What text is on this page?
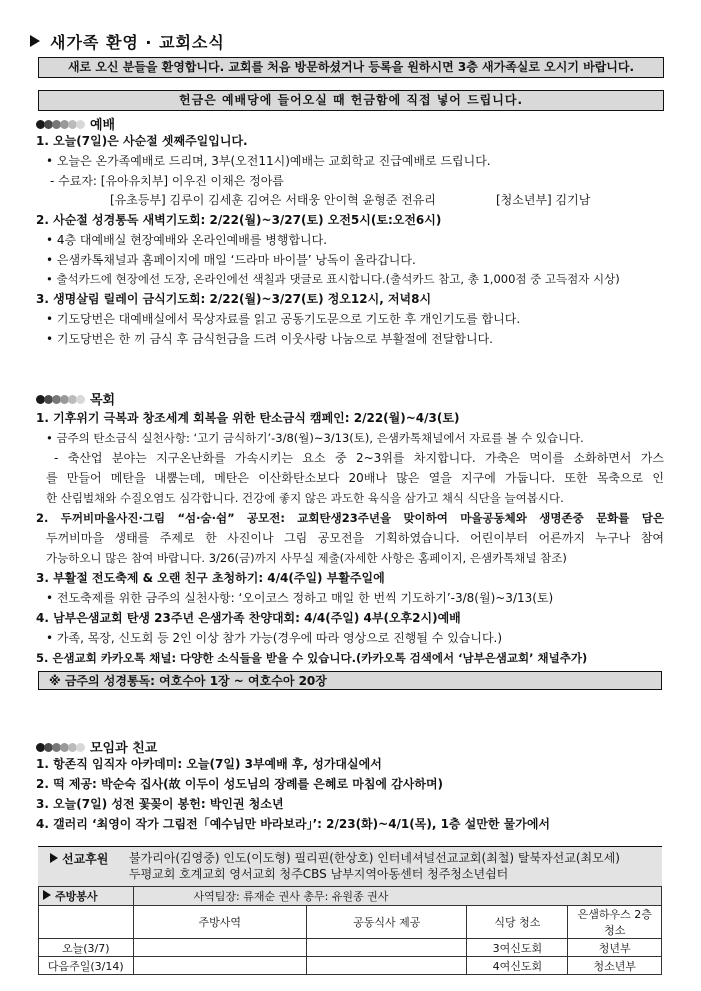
새가족 환영 · 교회소식
새로 오신 분들을 환영합니다. 교회를 처음 방문하셨거나 등록을 원하시면 3층 새가족실로 오시기 바랍니다.
헌금은 예배당에 들어오실 때 헌금함에 직접 넣어 드립니다.
예배
1. 오늘(7일)은 사순절 셋째주일입니다.
• 오늘은 온가족예배로 드리며, 3부(오전11시)예배는 교회학교 진급예배로 드립니다.
- 수료자: [유아유치부] 이우진 이채은 정아름
[유초등부] 김루이 김세훈 김여은 서태웅 안이혁 윤형준 전유리	[청소년부] 김기남
2. 사순절 성경통독 새벽기도회: 2/22(월)~3/27(토) 오전5시(토:오전6시)
• 4층 대예배실 현장예배와 온라인예배를 병행합니다.
• 은샘카톡채널과 홈페이지에 매일 ‘드라마 바이블’ 낭독이 올라갑니다.
• 출석카드에 현장에선 도장, 온라인에선 색칠과 댓글로 표시합니다.(출석카드 참고, 총 1,000점 중 고득점자 시상)
3. 생명살림 릴레이 금식기도회: 2/22(월)~3/27(토) 정오12시, 저녁8시
• 기도당번은 대예배실에서 묵상자료를 읽고 공동기도문으로 기도한 후 개인기도를 합니다.
• 기도당번은 한 끼 금식 후 금식헌금을 드려 이웃사랑 나눔으로 부활절에 전달합니다.
목회
1. 기후위기 극복과 창조세계 회복을 위한 탄소금식 캠페인: 2/22(월)~4/3(토)
• 금주의 탄소금식 실천사항: ‘고기 금식하기’-3/8(월)~3/13(토), 은샘카톡채널에서 자료를 볼 수 있습니다.
- 축산업 분야는 지구온난화를 가속시키는 요소 중 2~3위를 차지합니다. 가축은 먹이를 소화하면서 가스
를 만들어 메탄을 내뿜는데, 메탄은 이산화탄소보다 20배나 많은 열을 지구에 가둡니다. 또한 목축으로 인
한 산림벌채와 수질오염도 심각합니다. 건강에 좋지 않은 과도한 육식을 삼가고 채식 식단을 늘여봅시다.
2. 두꺼비마을사진·그림 “섬·숨·쉼” 공모전: 교회탄생23주년을 맞이하여 마을공동체와 생명존중 문화를 담은
두꺼비마을 생태를 주제로 한 사진이나 그림 공모전을 기획하였습니다. 어린이부터 어른까지 누구나 참여
가능하오니 많은 참여 바랍니다. 3/26(금)까지 사무실 제출(자세한 사항은 홈페이지, 은샘카톡채널 참조)
3. 부활절 전도축제 & 오랜 친구 초청하기: 4/4(주일) 부활주일에
• 전도축제를 위한 금주의 실천사항: ‘오이코스 정하고 매일 한 번씩 기도하기’-3/8(월)~3/13(토)
4. 남부은샘교회 탄생 23주년 은샘가족 찬양대회: 4/4(주일) 4부(오후2시)예배
• 가족, 목장, 신도회 등 2인 이상 참가 가능(경우에 따라 영상으로 진행될 수 있습니다.)
5. 은샘교회 카카오톡 채널: 다양한 소식들을 받을 수 있습니다.(카카오톡 검색에서 ‘남부은샘교회’ 채널추가)
※ 금주의 성경통독: 여호수아 1장 ~ 여호수아 20장
모임과 친교
1. 항존직 임직자 아카데미: 오늘(7일) 3부예배 후, 성가대실에서
2. 떡 제공: 박순숙 집사(故 이두이 성도님의 장례를 은혜로 마침에 감사하며)
3. 오늘(7일) 성전 꽃꽂이 봉헌: 박인권 청소년
4. 갤러리 ‘최영이 작가 그림전「예수님만 바라보라」’: 2/23(화)~4/1(목), 1층 설만한 물가에서
선교후원 불가리아(김영중) 인도(이도형) 필리핀(한상호) 인터네셔널선교교회(최철) 탈북자선교(최모세)
두평교회 호계교회 영서교회 청주CBS 남부지역아동센터 청주청소년쉼터
주방봉사	사역팀장: 류재순 권사 총무: 유원종 권사			
	주방사역	공동식사 제공	식당 청소	은샘하우스 2층 청소
오늘(3/7)			3여신도회	청년부
다음주일(3/14)			4여신도회	청소년부
